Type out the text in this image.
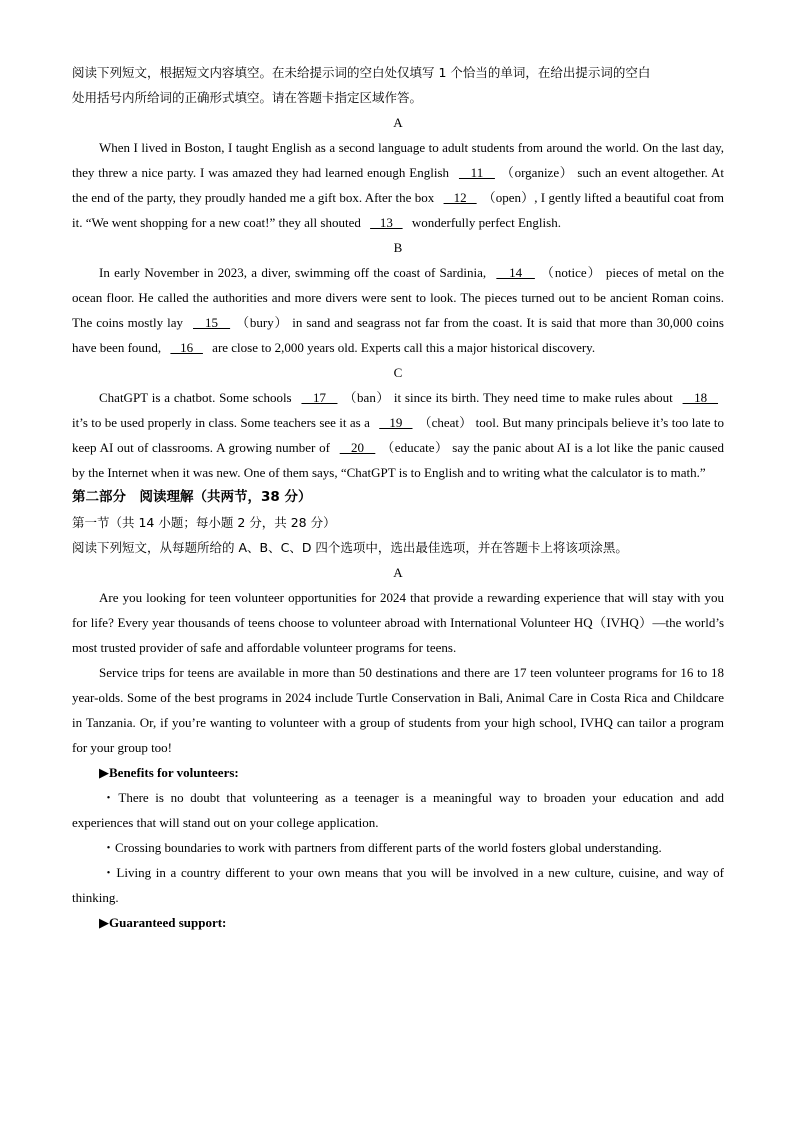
阅读下列短文，根据短文内容填空。在未给提示词的空白处仅填写 1 个恰当的单词，在给出提示词的空白
处用括号内所给词的正确形式填空。请在答题卡指定区域作答。

A

When I lived in Boston, I taught English as a second language to adult students from around the world. On the last day, they threw a nice party. I was amazed they had learned enough English    11   （organize） such an event altogether. At the end of the party, they proudly handed me a gift box. After the box    12   （open）, I gently lifted a beautiful coat from it. “We went shopping for a new coat!” they all shouted    13    wonderfully perfect English.

B

In early November in 2023, a diver, swimming off the coast of Sardinia,    14   （notice） pieces of metal on the ocean floor. He called the authorities and more divers were sent to look. The pieces turned out to be ancient Roman coins. The coins mostly lay    15   （bury） in sand and seagrass not far from the coast. It is said that more than 30,000 coins have been found,    16    are close to 2,000 years old. Experts call this a major historical discovery.

C

ChatGPT is a chatbot. Some schools    17   （ban） it since its birth. They need time to make rules about    18    it’s to be used properly in class. Some teachers see it as a    19   （cheat） tool. But many principals believe it’s too late to keep AI out of classrooms. A growing number of    20   （educate） say the panic about AI is a lot like the panic caused by the Internet when it was new. One of them says, “ChatGPT is to English and to writing what the calculator is to math.”

第二部分　阅读理解（共两节，38 分）

第一节（共 14 小题；每小题 2 分，共 28 分）

阅读下列短文，从每题所给的 A、B、C、D 四个选项中，选出最佳选项，并在答题卡上将该项涂黑。

A

Are you looking for teen volunteer opportunities for 2024 that provide a rewarding experience that will stay with you for life? Every year thousands of teens choose to volunteer abroad with International Volunteer HQ（IVHQ）—the world’s most trusted provider of safe and affordable volunteer programs for teens.

Service trips for teens are available in more than 50 destinations and there are 17 teen volunteer programs for 16 to 18 year-olds. Some of the best programs in 2024 include Turtle Conservation in Bali, Animal Care in Costa Rica and Childcare in Tanzania. Or, if you’re wanting to volunteer with a group of students from your high school, IVHQ can tailor a program for your group too!

▶Benefits for volunteers:

・There is no doubt that volunteering as a teenager is a meaningful way to broaden your education and add experiences that will stand out on your college application.

・Crossing boundaries to work with partners from different parts of the world fosters global understanding.

・Living in a country different to your own means that you will be involved in a new culture, cuisine, and way of thinking.

▶Guaranteed support:
